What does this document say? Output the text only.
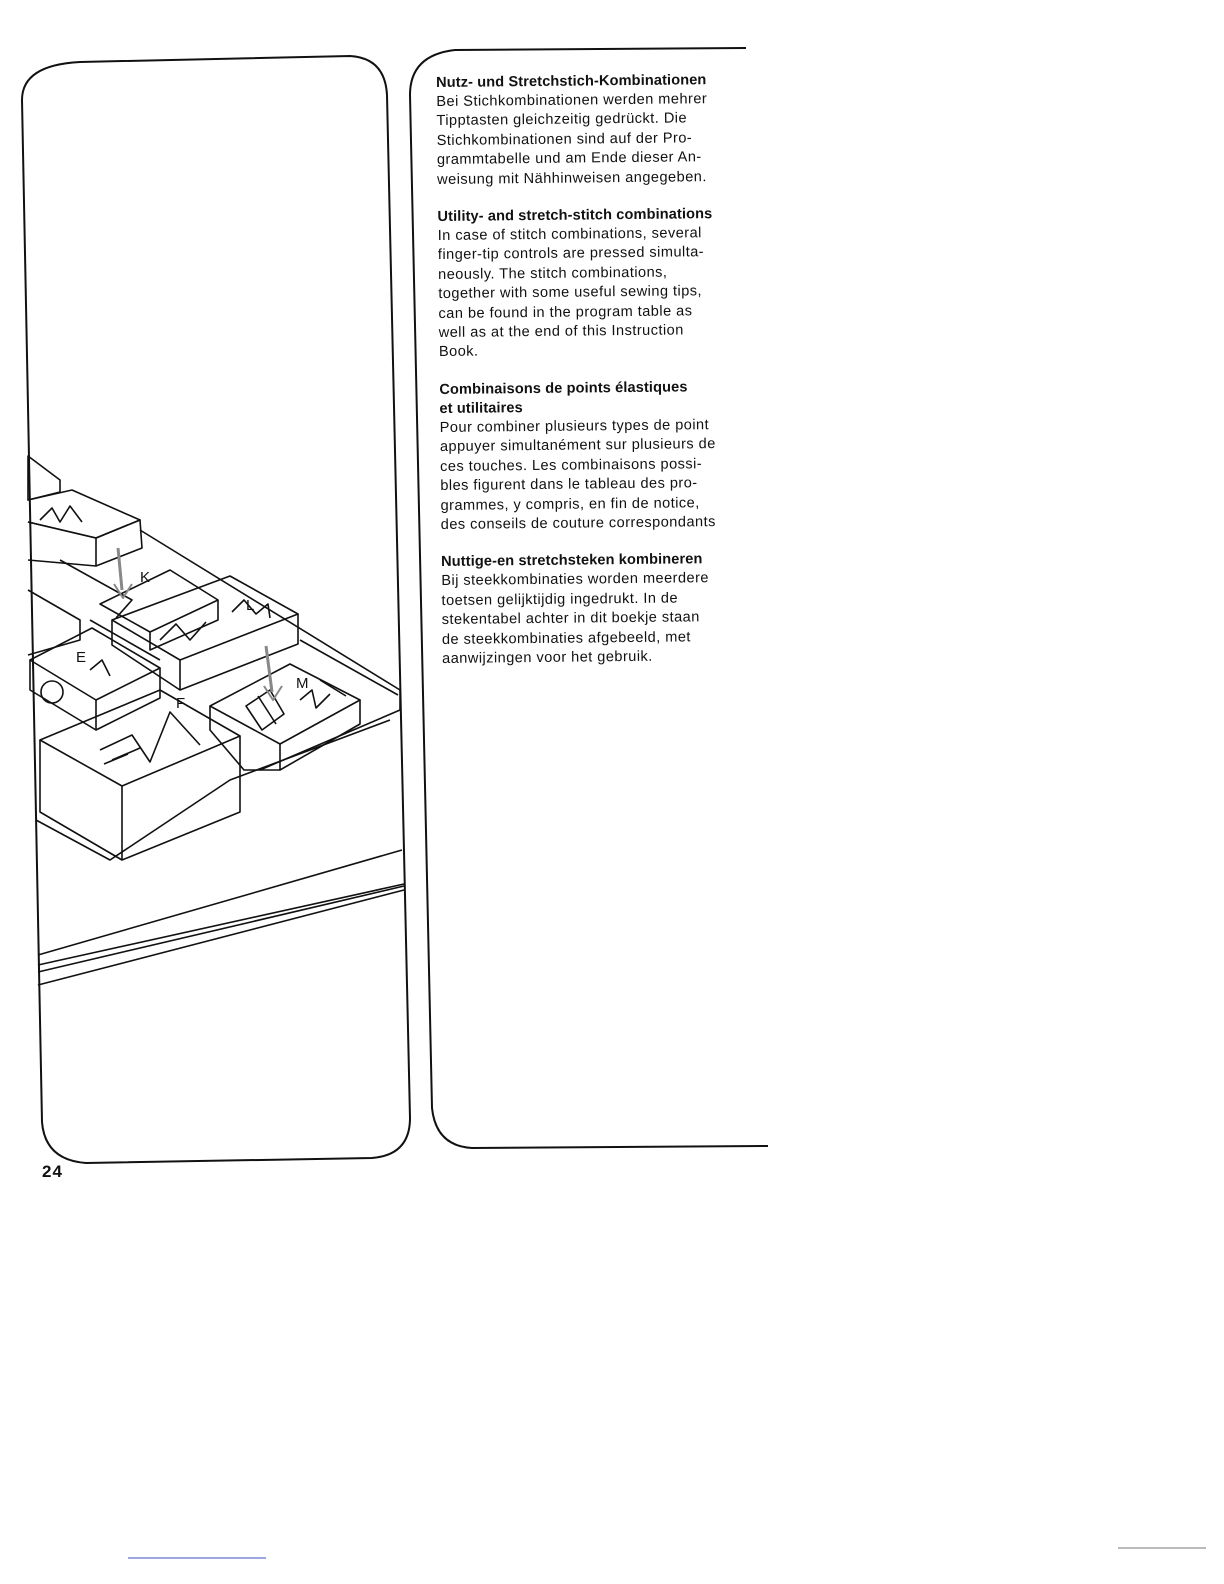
K
L
E
F
M
Nutz- und Stretchstich-Kombinationen

Bei Stichkombinationen werden mehrer

Tipptasten gleichzeitig gedrückt. Die

Stichkombinationen sind auf der Pro-

grammtabelle und am Ende dieser An-

weisung mit Nähhinweisen angegeben.

Utility- and stretch-stitch combinations

In case of stitch combinations, several

finger-tip controls are pressed simulta-

neously. The stitch combinations,

together with some useful sewing tips,

can be found in the program table as

well as at the end of this Instruction

Book.

Combinaisons de points élastiques
et utilitaires

Pour combiner plusieurs types de point

appuyer simultanément sur plusieurs de

ces touches. Les combinaisons possi-

bles figurent dans le tableau des pro-

grammes, y compris, en fin de notice,

des conseils de couture correspondants

Nuttige-en stretchsteken kombineren

Bij steekkombinaties worden meerdere

toetsen gelijktijdig ingedrukt. In de

stekentabel achter in dit boekje staan

de steekkombinaties afgebeeld, met

aanwijzingen voor het gebruik.

24
